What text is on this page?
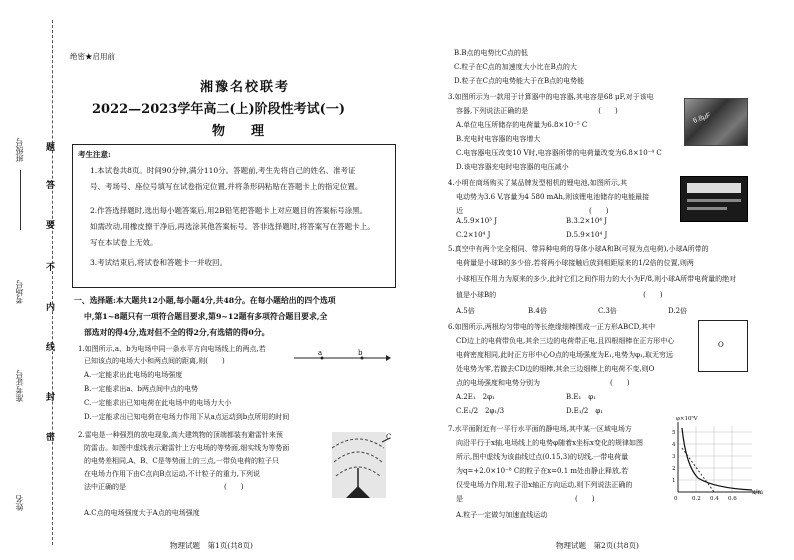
班级号
准考证号
考场号
姓名
密
封
线
内
不
要
答
题
绝密★启用前
湘豫名校联考
2022—2023学年高二(上)阶段性考试(一)
物　　理
考生注意:
1.本试卷共8页。时间90分钟,满分110分。答题前,考生先将自己的姓名、准考证
号、考场号、座位号填写在试卷指定位置,并将条形码粘贴在答题卡上的指定位置。
2.作答选择题时,选出每小题答案后,用2B铅笔把答题卡上对应题目的答案标号涂黑。
如需改动,用橡皮擦干净后,再选涂其他答案标号。答非选择题时,将答案写在答题卡上。
写在本试卷上无效。
3.考试结束后,将试卷和答题卡一并收回。
一、选择题:本大题共12小题,每小题4分,共48分。在每小题给出的四个选项
中,第1~8题只有一项符合题目要求,第9~12题有多项符合题目要求,全
部选对的得4分,选对但不全的得2分,有选错的得0分。
1.如图所示,a、b为电场中同一条水平方向电场线上的两点,若
已知该点的电场大小和两点间的距离,则(　　)
A.一定能求出此电场的电场强度
B.一定能求出a、b两点间中点的电势
C.一定能求出已知电荷在此电场中的电场力大小
D.一定能求出已知电荷在电场力作用下从a点运动到b点所用的时间
a	b
2.雷电是一种强烈的放电现象,高大建筑物的顶端都装有避雷针来预
防雷击。如图中虚线表示避雷针上方电场的等势面,细实线为等势面
的电势差相同,A、B、C是等势面上的三点,一带负电荷的粒子只
在电场力作用下由C点向B点运动,不计粒子的重力,下列说
法中正确的是　　　　　　　　　　　　　　(　　)
A.C点的电场强度大于A点的电场强度
C
物理试题　第1页(共8页)
B.B点的电势比C点的低
C.粒子在C点的加速度大小比在B点的大
D.粒子在C点的电势能大于在B点的电势能
3.如图所示为一款用于计算器中的电容器,其电容是68 μF,对于该电
容器,下列说法正确的是　　　　　　　　　　(　　)
A.单位电压所储存的电荷量为6.8×10⁻⁵ C
B.充电时电容器的电容增大
C.电容器电压改变10 V时,电容器所带的电荷量改变为6.8×10⁻⁴ C
D.该电容器充电时电容器的电压减小
6.8μF
4.小明在商场购买了某品牌发型相机的锂电池,如图所示,其
电动势为3.6 V,容量为4 580 mAh,则该锂电池储存的电能最接
近　　　　　　　　　　　　　　　　　　(　　)
A.5.9×10³ J	B.3.2×10⁴ J
C.2×10⁴ J	D.5.9×10⁴ J
5.真空中有两个完全相同、带异种电荷的导体小球A和B(可视为点电荷),小球A所带的
电荷量是小球B的多少倍,若将两小球接触后放到相距原来的1/2倍的位置,则两
小球相互作用力为原来的多少,此时它们之间作用力的大小为F/8,则小球A所带电荷量的绝对
值是小球B的　　　　　　　　　　　　　　　　　　　　　(　　)
A.5倍	B.4倍	C.3倍	D.2倍
6.如图所示,两根均匀带电的等长绝缘细棒围成一正方形ABCD,其中
CD边上的电荷带负电,其余三边的电荷带正电,且四根细棒在正方形中心
电荷密度相同,此时正方形中心O点的电场强度为E₁,电势为φ₁,取无穷远
处电势为零,若撤去CD边的细棒,其余三边细棒上的电荷不变,则O
点的电场强度和电势分别为　　　　　　　　　　(　　)
A.2E₁　2φ₁	B.E₁　φ₁
C.E₁/2　2φ₁/3	D.E₁/2　φ₁
O
7.水平面附近有一平行水平面的静电场,其中某一区域电场方
向沿平行于x轴,电场线上的电势φ随着x坐标x变化的规律如图
所示,图中虚线为该曲线过点(0.15,3)的切线,一带电荷量
为q=+2.0×10⁻⁸ C的粒子在x=0.1 m处由静止释放,若
仅受电场力作用,粒子沿x轴正方向运动,则下列说法正确的
是　　　　　　　　　　　　　　　　(　　)
A.粒子一定做匀加速直线运动
φ×10⁵V
x/m
5
4
3
2
1
0	0.2 0.4 0.6
物理试题　第2页(共8页)
